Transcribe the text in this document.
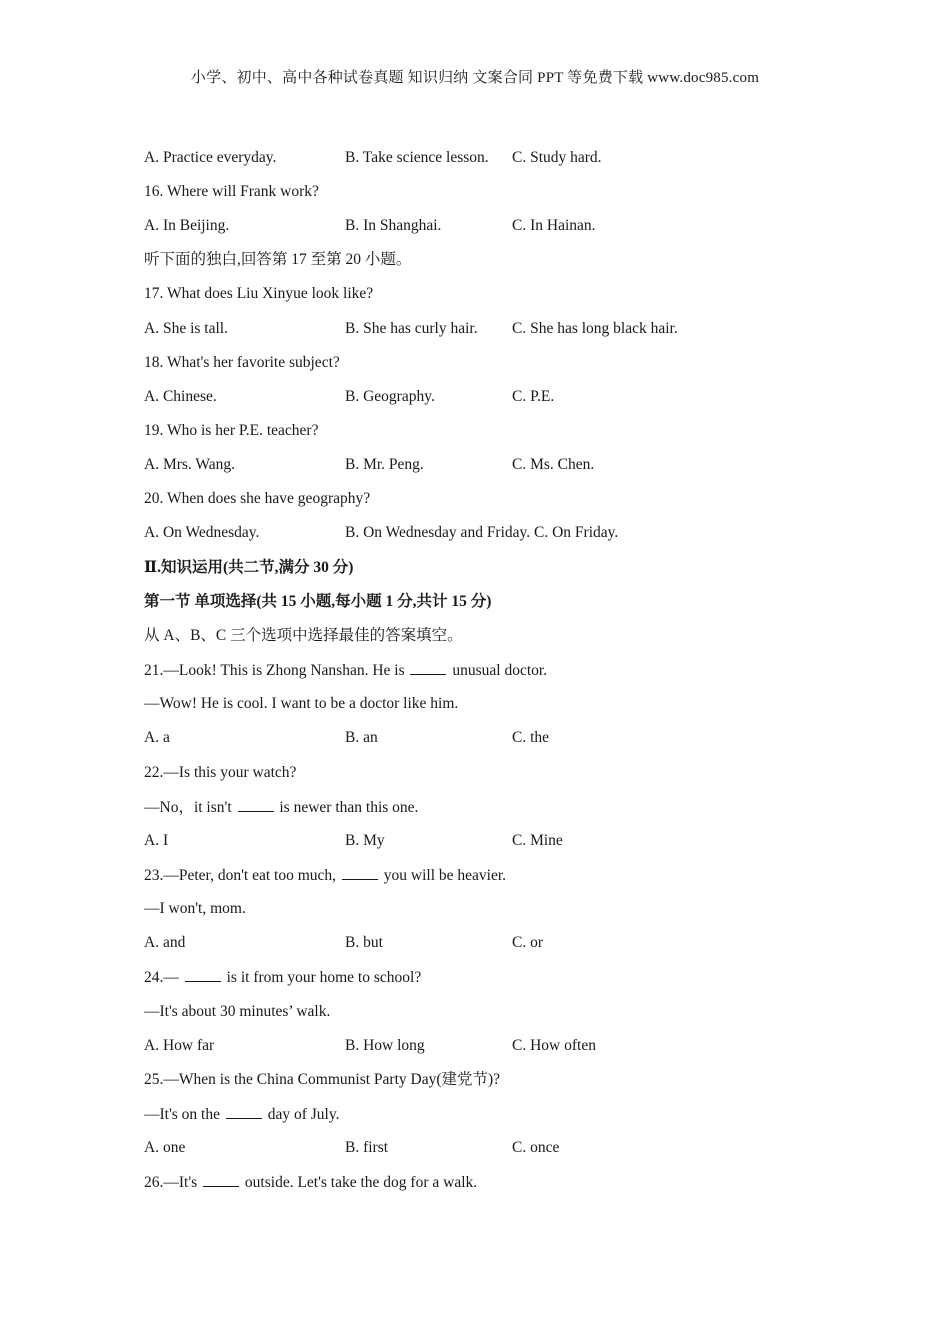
小学、初中、高中各种试卷真题 知识归纳 文案合同 PPT 等免费下载 www.doc985.com
A. Practice everyday.	B. Take science lesson. C. Study hard.
16. Where will Frank work?
A. In Beijing.	B. In Shanghai.	C. In Hainan.
听下面的独白,回答第 17 至第 20 小题。
17. What does Liu Xinyue look like?
A. She is tall.	B. She has curly hair. C. She has long black hair.
18. What's her favorite subject?
A. Chinese.	B. Geography.	C. P.E.
19. Who is her P.E. teacher?
A. Mrs. Wang.	B. Mr. Peng.	C. Ms. Chen.
20. When does she have geography?
A. On Wednesday.	B. On Wednesday and Friday. C. On Friday.
Ⅱ.知识运用(共二节,满分 30 分)
第一节 单项选择(共 15 小题,每小题 1 分,共计 15 分)
从 A、B、C 三个选项中选择最佳的答案填空。
21.—Look! This is Zhong Nanshan. He is	unusual doctor.
—Wow! He is cool. I want to be a doctor like him.
A. a	B. an	C. the
22.—Is this your watch?
—No，it isn't	is newer than this one.
A. I	B. My	C. Mine
23.—Peter, don't eat too much,	you will be heavier.
—I won't, mom.
A. and	B. but	C. or
24.—	is it from your home to school?
—It's about 30 minutes’ walk.
A. How far	B. How long	C. How often
25.—When is the China Communist Party Day(建党节)?
—It's on the	day of July.
A. one	B. first	C. once
26.—It's	outside. Let's take the dog for a walk.
